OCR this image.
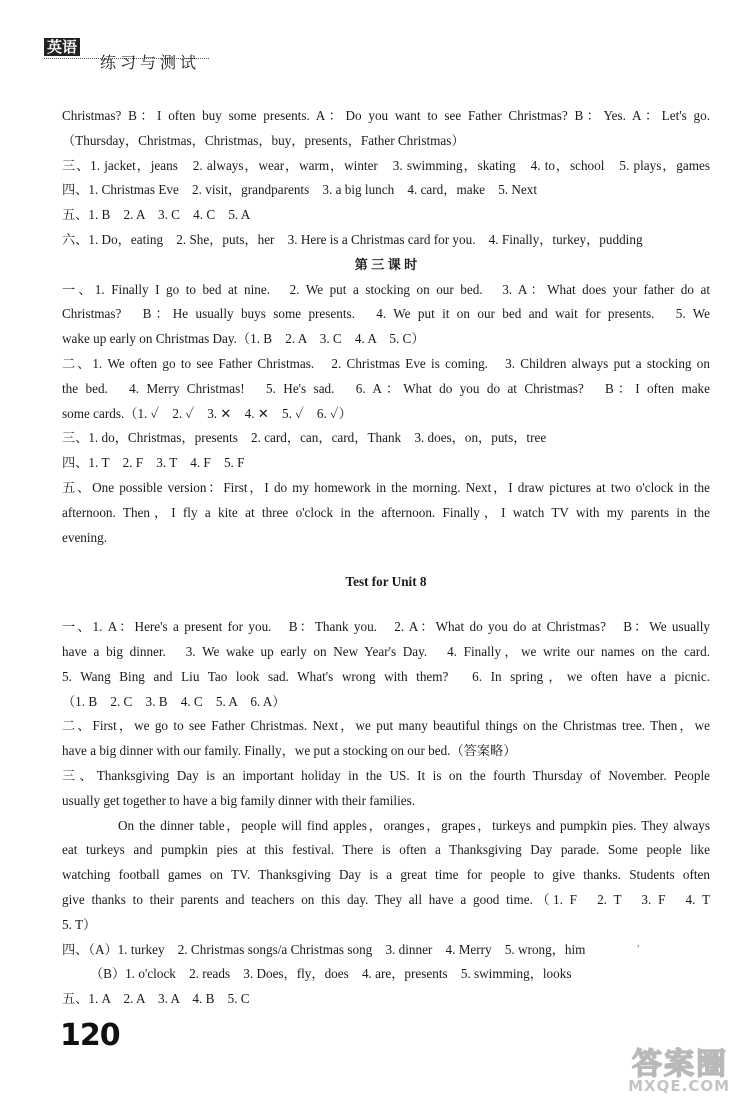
英语
练习与测试
Christmas? B：I often buy some presents. A：Do you want to see Father Christmas? B：Yes. A：Let's go.
（Thursday，Christmas，Christmas，buy，presents，Father Christmas）
三、1. jacket，jeans　2. always，wear，warm，winter　3. swimming，skating　4. to，school　5. plays，games
四、1. Christmas Eve　2. visit，grandparents　3. a big lunch　4. card，make　5. Next
五、1. B　2. A　3. C　4. C　5. A
六、1. Do，eating　2. She，puts，her　3. Here is a Christmas card for you.　4. Finally，turkey，pudding
第 三 课 时
一、1. Finally I go to bed at nine.　2. We put a stocking on our bed.　3. A：What does your father do at
Christmas?　B：He usually buys some presents.　4. We put it on our bed and wait for presents.　5. We
wake up early on Christmas Day.（1. B　2. A　3. C　4. A　5. C）
二、1. We often go to see Father Christmas.　2. Christmas Eve is coming.　3. Children always put a stocking on
the bed.　4. Merry Christmas!　5. He's sad.　6. A：What do you do at Christmas?　B：I often make
some cards.（1. ✓　2. ✓　3. ✕　4. ✕　5. ✓　6. ✓）
三、1. do，Christmas，presents　2. card，can，card，Thank　3. does，on，puts，tree
四、1. T　2. F　3. T　4. F　5. F
五、One possible version：First，I do my homework in the morning. Next，I draw pictures at two o'clock in the
afternoon. Then，I fly a kite at three o'clock in the afternoon. Finally，I watch TV with my parents in the
evening.
Test for Unit 8
一、1. A：Here's a present for you.　B：Thank you.　2. A：What do you do at Christmas?　B：We usually
have a big dinner.　3. We wake up early on New Year's Day.　4. Finally，we write our names on the card.
5. Wang Bing and Liu Tao look sad. What's wrong with them?　6. In spring，we often have a picnic.
（1. B　2. C　3. B　4. C　5. A　6. A）
二、First，we go to see Father Christmas. Next，we put many beautiful things on the Christmas tree. Then，we
have a big dinner with our family. Finally，we put a stocking on our bed.（答案略）
三、Thanksgiving Day is an important holiday in the US. It is on the fourth Thursday of November. People
usually get together to have a big family dinner with their families.
On the dinner table，people will find apples，oranges，grapes，turkeys and pumpkin pies. They always
eat turkeys and pumpkin pies at this festival. There is often a Thanksgiving Day parade. Some people like
watching football games on TV. Thanksgiving Day is a great time for people to give thanks. Students often
give thanks to their parents and teachers on this day. They all have a good time.（1. F　2. T　3. F　4. T
5. T）
四、（A）1. turkey　2. Christmas songs/a Christmas song　3. dinner　4. Merry　5. wrong，him
（B）1. o'clock　2. reads　3. Does，fly，does　4. are，presents　5. swimming，looks
五、1. A　2. A　3. A　4. B　5. C
,
120
答案圈
MXQE.COM
